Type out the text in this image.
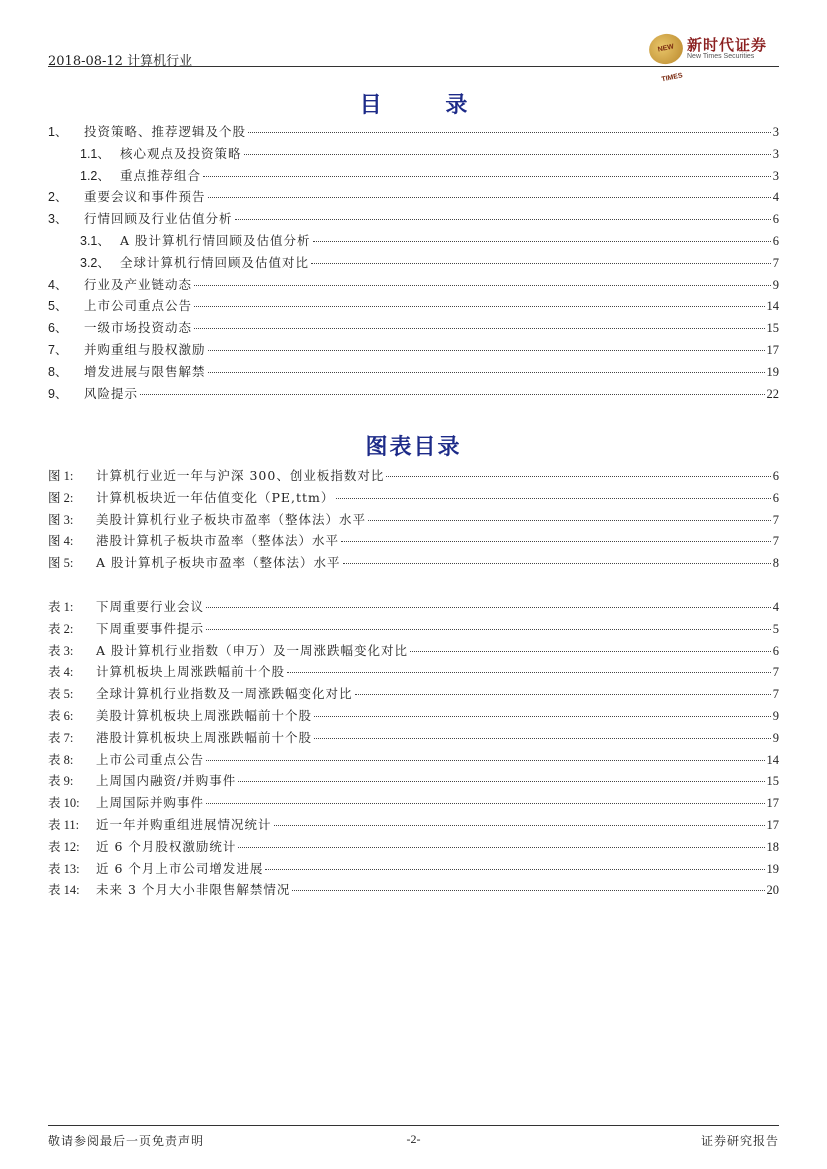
2018-08-12 计算机行业
NEW TIMES
新时代证券
New Times Securities
目 录
1、	投资策略、推荐逻辑及个股	3
1.1、 核心观点及投资策略	3
1.2、 重点推荐组合	3
2、	重要会议和事件预告	4
3、	行情回顾及行业估值分析	6
3.1、 A 股计算机行情回顾及估值分析	6
3.2、 全球计算机行情回顾及估值对比	7
4、	行业及产业链动态	9
5、	上市公司重点公告	14
6、	一级市场投资动态	15
7、	并购重组与股权激励	17
8、	增发进展与限售解禁	19
9、	风险提示	22
图表目录
图 1:	计算机行业近一年与沪深 300、创业板指数对比	6
图 2:	计算机板块近一年估值变化（PE,ttm）	6
图 3:	美股计算机行业子板块市盈率（整体法）水平	7
图 4:	港股计算机子板块市盈率（整体法）水平	7
图 5:	A 股计算机子板块市盈率（整体法）水平	8
表 1:	下周重要行业会议	4
表 2:	下周重要事件提示	5
表 3:	A 股计算机行业指数（申万）及一周涨跌幅变化对比	6
表 4:	计算机板块上周涨跌幅前十个股	7
表 5:	全球计算机行业指数及一周涨跌幅变化对比	7
表 6:	美股计算机板块上周涨跌幅前十个股	9
表 7:	港股计算机板块上周涨跌幅前十个股	9
表 8:	上市公司重点公告	14
表 9:	上周国内融资/并购事件	15
表 10:	上周国际并购事件	17
表 11:	近一年并购重组进展情况统计	17
表 12:	近 6 个月股权激励统计	18
表 13:	近 6 个月上市公司增发进展	19
表 14:	未来 3 个月大小非限售解禁情况	20
敬请参阅最后一页免责声明	-2-	证券研究报告
